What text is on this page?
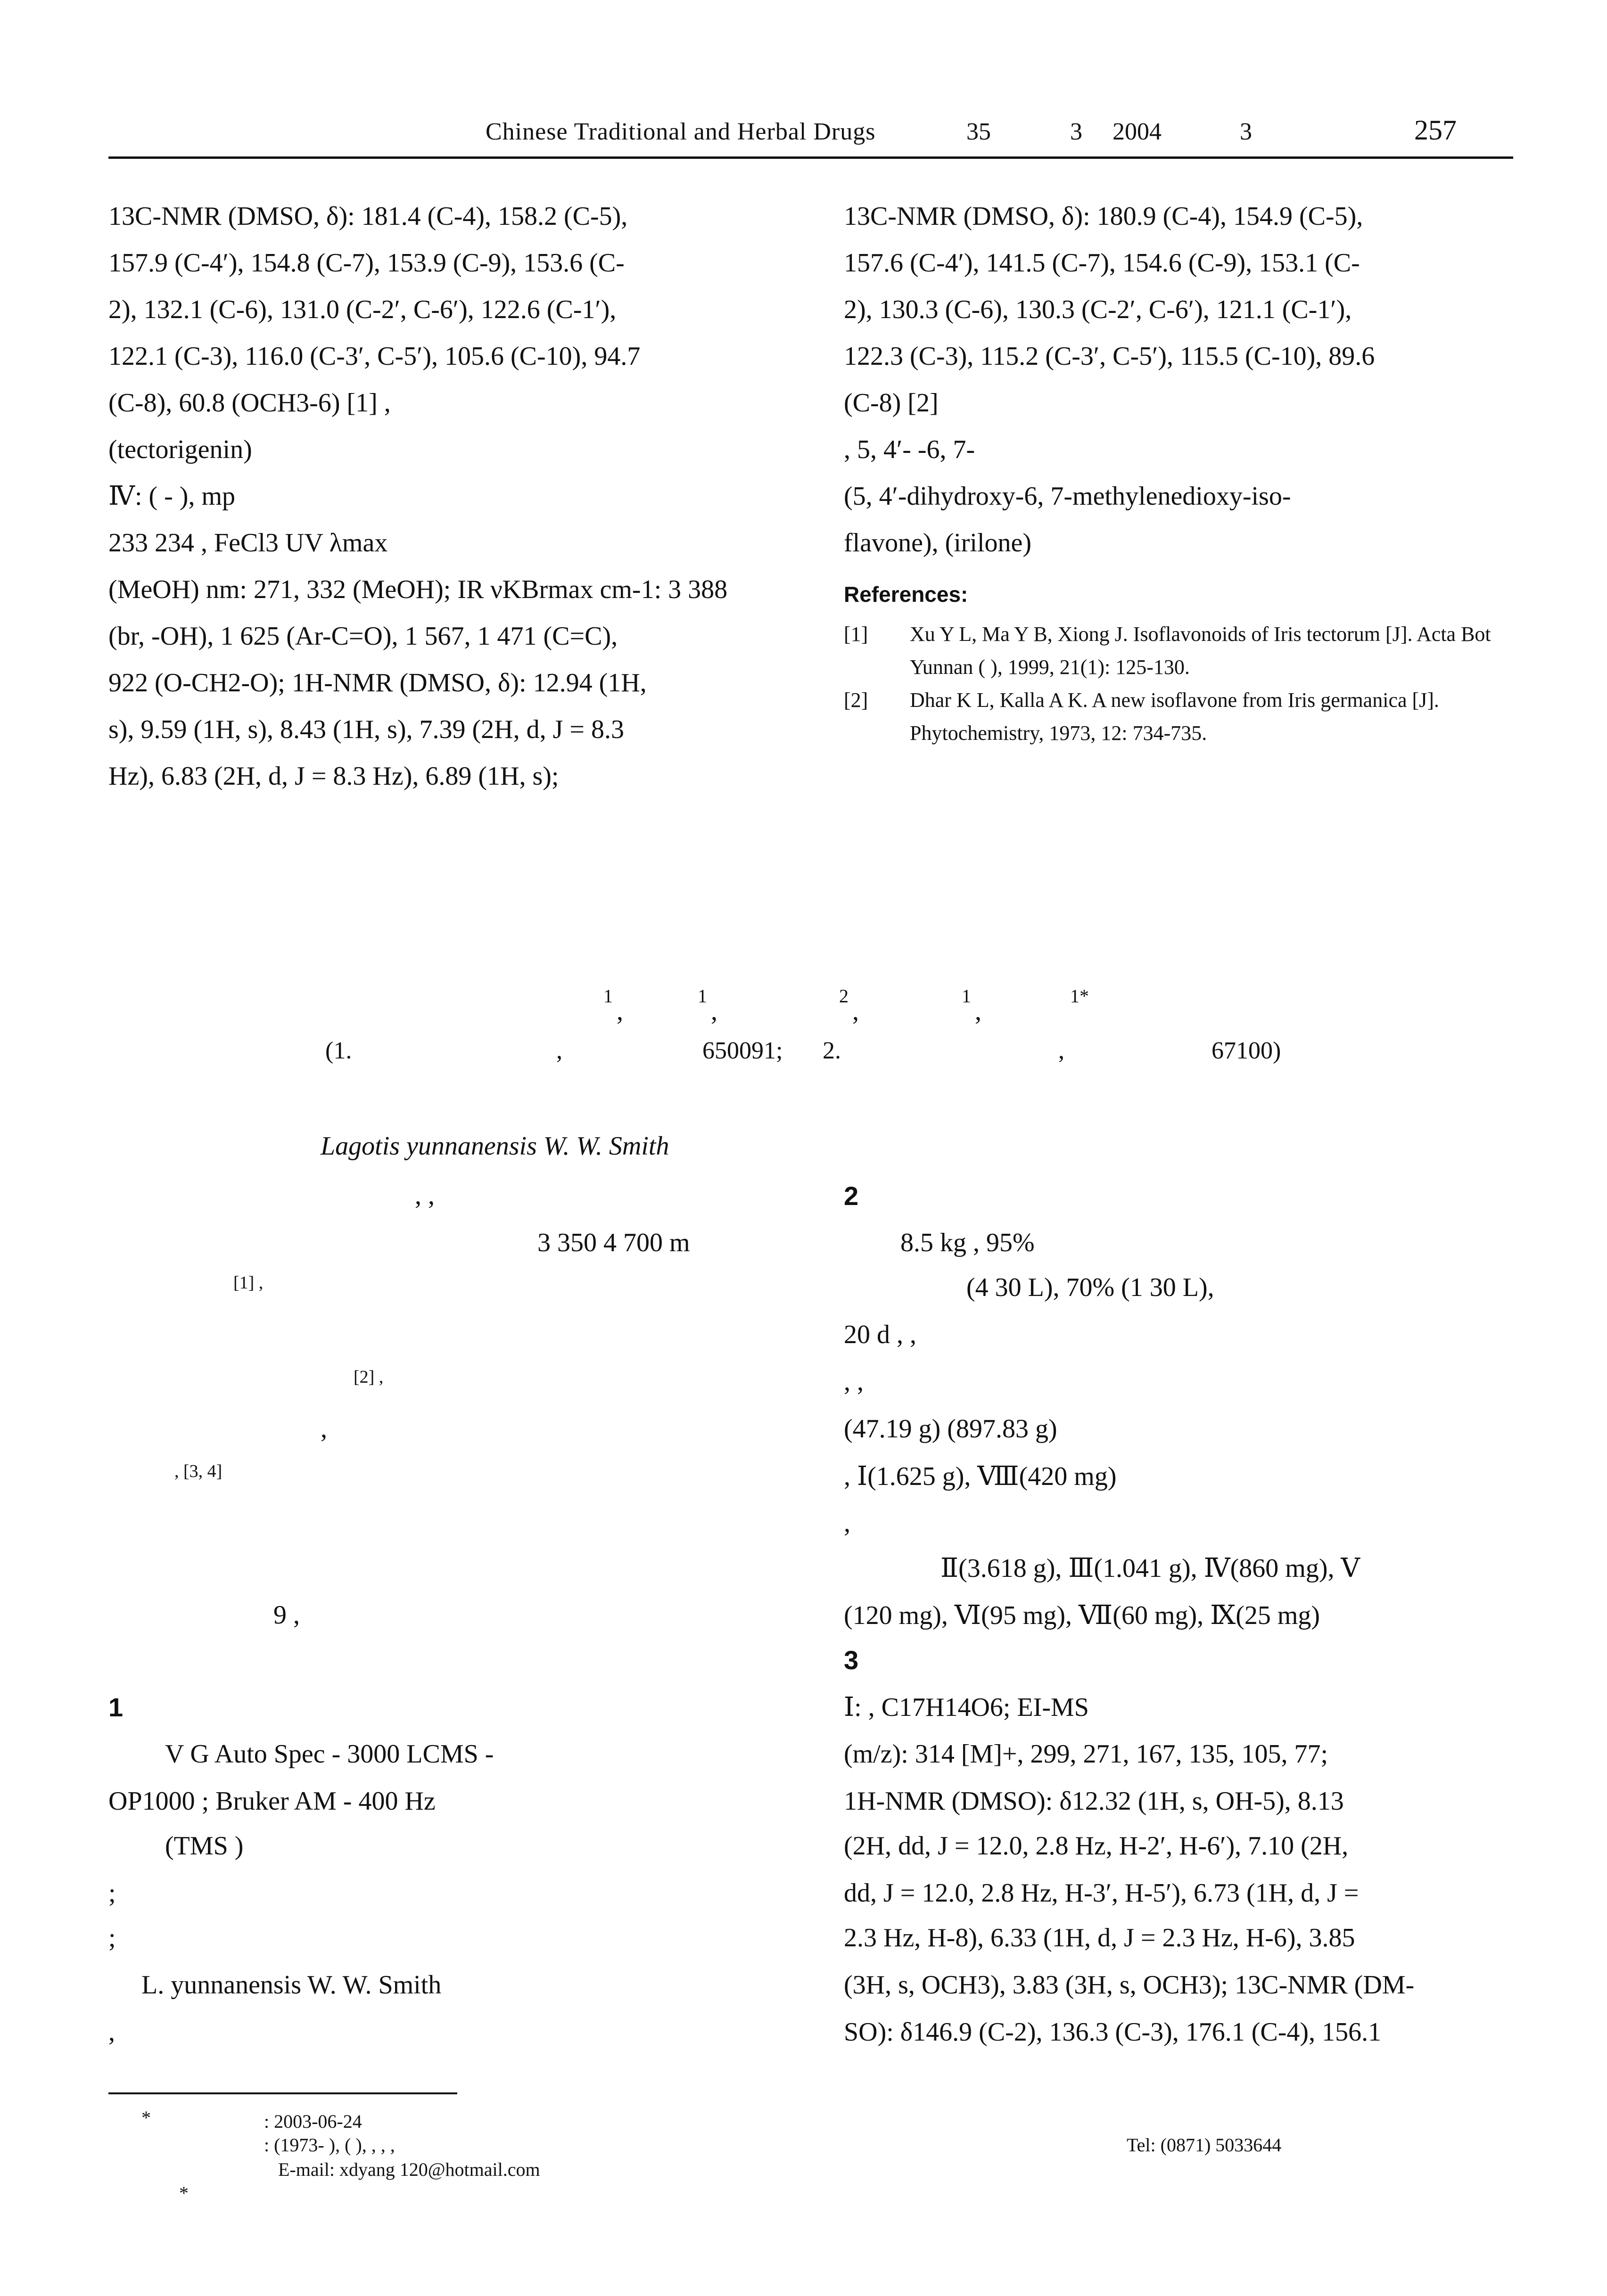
Chinese Traditional and Herbal Drugs	35	3 2004	3	257

13C-NMR (DMSO, δ): 181.4 (C-4), 158.2 (C-5),

157.9 (C-4′), 154.8 (C-7), 153.9 (C-9), 153.6 (C-

2), 132.1 (C-6), 131.0 (C-2′, C-6′), 122.6 (C-1′),

122.1 (C-3), 116.0 (C-3′, C-5′), 105.6 (C-10), 94.7

(C-8), 60.8 (OCH3-6) [1] ,

(tectorigenin)

Ⅳ: ( - ), mp

233 234 , FeCl3 UV λmax

(MeOH) nm: 271, 332 (MeOH); IR νKBrmax cm-1: 3 388

(br, -OH), 1 625 (Ar-C=O), 1 567, 1 471 (C=C),

922 (O-CH2-O); 1H-NMR (DMSO, δ): 12.94 (1H,

s), 9.59 (1H, s), 8.43 (1H, s), 7.39 (2H, d, J = 8.3

Hz), 6.83 (2H, d, J = 8.3 Hz), 6.89 (1H, s);

13C-NMR (DMSO, δ): 180.9 (C-4), 154.9 (C-5),

157.6 (C-4′), 141.5 (C-7), 154.6 (C-9), 153.1 (C-

2), 130.3 (C-6), 130.3 (C-2′, C-6′), 121.1 (C-1′),

122.3 (C-3), 115.2 (C-3′, C-5′), 115.5 (C-10), 89.6

(C-8) [2]

, 5, 4′- -6, 7-

(5, 4′-dihydroxy-6, 7-methylenedioxy-iso-

flavone), (irilone)

References:

[1] Xu Y L, Ma Y B, Xiong J. Isoflavonoids of Iris tectorum [J]. Acta Bot Yunnan ( ), 1999, 21(1): 125-130.

[2] Dhar K L, Kalla A K. A new isoflavone from Iris germanica [J]. Phytochemistry, 1973, 12: 734-735.

1
,
1
,
2
,
1
,
1*
(1.	,	650091; 2.	,	67100)
Lagotis yunnanensis W. W. Smith
, ,
3 350 4 700 m
[1] ,
[2] ,
,
, [3, 4]
9 ,
1
V G Auto Spec - 3000 LCMS -
OP1000 ; Bruker AM - 400 Hz
(TMS )
;
;
L. yunnanensis W. W. Smith
,
2
8.5 kg , 95%
(4 30 L), 70% (1 30 L),
20 d , ,
, ,
(47.19 g) (897.83 g)
, Ⅰ(1.625 g), Ⅷ(420 mg)
,
Ⅱ(3.618 g), Ⅲ(1.041 g), Ⅳ(860 mg), Ⅴ
(120 mg), Ⅵ(95 mg), Ⅶ(60 mg), Ⅸ(25 mg)
3
Ⅰ: , C17H14O6; EI-MS
(m/z): 314 [M]+, 299, 271, 167, 135, 105, 77;
1H-NMR (DMSO): δ12.32 (1H, s, OH-5), 8.13
(2H, dd, J = 12.0, 2.8 Hz, H-2′, H-6′), 7.10 (2H,
dd, J = 12.0, 2.8 Hz, H-3′, H-5′), 6.73 (1H, d, J =
2.3 Hz, H-8), 6.33 (1H, d, J = 2.3 Hz, H-6), 3.85
(3H, s, OCH3), 3.83 (3H, s, OCH3); 13C-NMR (DM-
SO): δ146.9 (C-2), 136.3 (C-3), 176.1 (C-4), 156.1
*	: 2003-06-24
: (1973- ), ( ), , , ,	Tel: (0871) 5033644
E-mail: xdyang 120@hotmail.com
*
